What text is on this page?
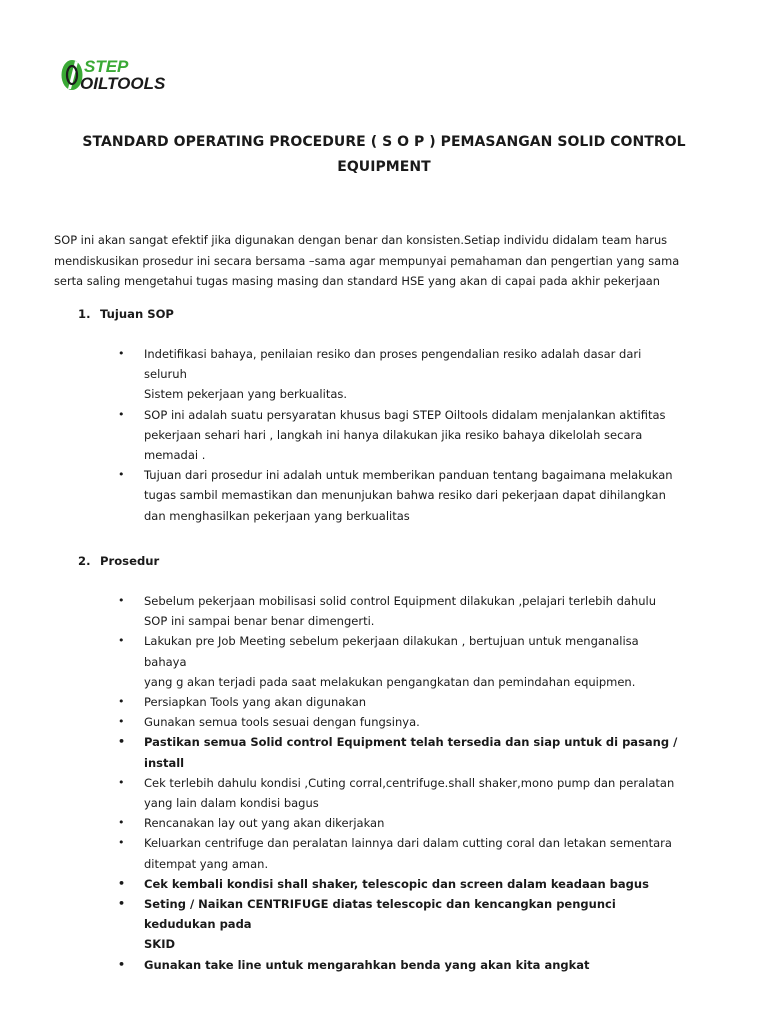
STEP
OILTOOLS
STANDARD OPERATING PROCEDURE ( S O P ) PEMASANGAN SOLID CONTROL
EQUIPMENT

SOP ini akan sangat efektif jika digunakan dengan benar dan konsisten.Setiap individu didalam team harus

mendiskusikan prosedur ini secara bersama –sama agar mempunyai pemahaman dan pengertian yang sama

serta saling mengetahui tugas masing masing dan standard HSE yang akan di capai pada akhir pekerjaan

1. Tujuan SOP
• Indetifikasi bahaya, penilaian resiko dan proses pengendalian resiko adalah dasar dari seluruh
Sistem pekerjaan yang berkualitas.
• SOP ini adalah suatu persyaratan khusus bagi STEP Oiltools didalam menjalankan aktifitas
pekerjaan sehari hari , langkah ini hanya dilakukan jika resiko bahaya dikelolah secara
memadai .
• Tujuan dari prosedur ini adalah untuk memberikan panduan tentang bagaimana melakukan
tugas sambil memastikan dan menunjukan bahwa resiko dari pekerjaan dapat dihilangkan
dan menghasilkan pekerjaan yang berkualitas
2. Prosedur
• Sebelum pekerjaan mobilisasi solid control Equipment dilakukan ,pelajari terlebih dahulu
SOP ini sampai benar benar dimengerti.
• Lakukan pre Job Meeting sebelum pekerjaan dilakukan , bertujuan untuk menganalisa bahaya
yang g akan terjadi pada saat melakukan pengangkatan dan pemindahan equipmen.
• Persiapkan Tools yang akan digunakan
• Gunakan semua tools sesuai dengan fungsinya.
• Pastikan semua Solid control Equipment telah tersedia dan siap untuk di pasang / install
• Cek terlebih dahulu kondisi ,Cuting corral,centrifuge.shall shaker,mono pump dan peralatan
yang lain dalam kondisi bagus
• Rencanakan lay out yang akan dikerjakan
• Keluarkan centrifuge dan peralatan lainnya dari dalam cutting coral dan letakan sementara
ditempat yang aman.
• Cek kembali kondisi shall shaker, telescopic dan screen dalam keadaan bagus
• Seting / Naikan CENTRIFUGE diatas telescopic dan kencangkan pengunci kedudukan pada
SKID
• Gunakan take line untuk mengarahkan benda yang akan kita angkat
